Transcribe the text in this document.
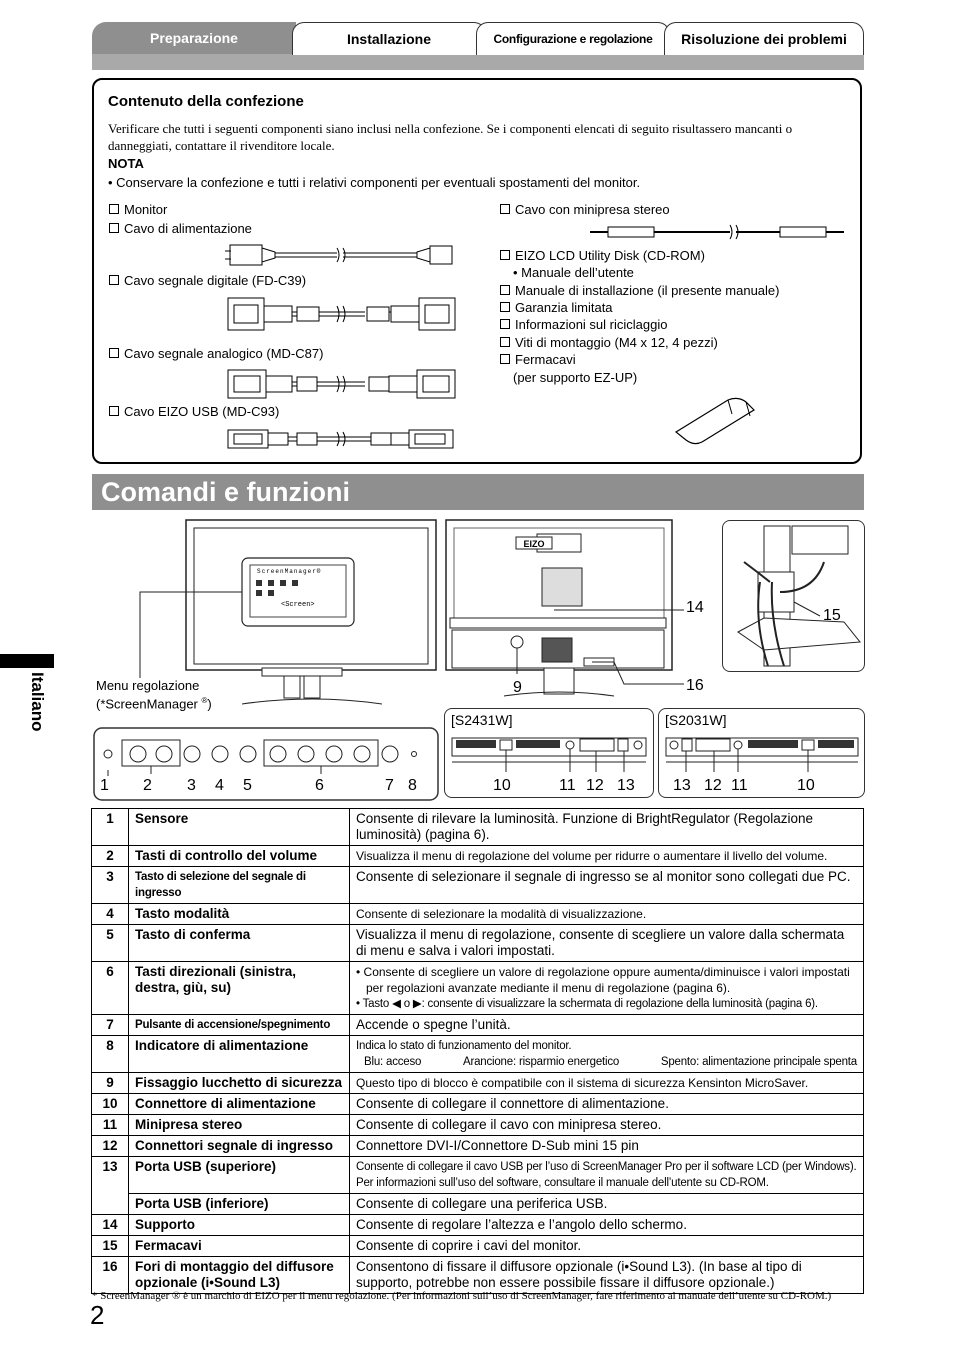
Preparazione	Installazione	Configurazione e regolazione	Risoluzione dei problemi
Contenuto della confezione
Verificare che tutti i seguenti componenti siano inclusi nella confezione. Se i componenti elencati di seguito risultassero mancanti o danneggiati, contattare il rivenditore locale.
NOTA
• Conservare la confezione e tutti i relativi componenti per eventuali spostamenti del monitor.
Monitor
Cavo di alimentazione
Cavo segnale digitale (FD-C39)
Cavo segnale analogico (MD-C87)
Cavo EIZO USB (MD-C93)
Cavo con minipresa stereo
EIZO LCD Utility Disk (CD-ROM)
• Manuale dell’utente
Manuale di installazione (il presente manuale)
Garanzia limitata
Informazioni sul riciclaggio
Viti di montaggio (M4 x 12, 4 pezzi)
Fermacavi
(per supporto EZ-UP)
Comandi e funzioni
Italiano
ScreenManager®
<Screen>
Menu regolazione
(*ScreenManager ®)
1 2 3 4 5	6	7 8
EIZO
14
9	16
15
[S2431W]
10	11 12 13
[S2031W]
13 12 11	10
1	Sensore	Consente di rilevare la luminosità. Funzione di BrightRegulator (Regolazione luminosità) (pagina 6).
2	Tasti di controllo del volume	Visualizza il menu di regolazione del volume per ridurre o aumentare il livello del volume.
3	Tasto di selezione del segnale di ingresso	Consente di selezionare il segnale di ingresso se al monitor sono collegati due PC.
4	Tasto modalità	Consente di selezionare la modalità di visualizzazione.
5	Tasto di conferma	Visualizza il menu di regolazione, consente di scegliere un valore dalla schermata di menu e salva i valori impostati.
6	Tasti direzionali (sinistra, destra, giù, su)	• Consente di scegliere un valore di regolazione oppure aumenta/diminuisce i valori impostati per regolazioni avanzate mediante il menu di regolazione (pagina 6).
• Tasto ◀ o ▶: consente di visualizzare la schermata di regolazione della luminosità (pagina 6).

7	Pulsante di accensione/spegnimento	Accende o spegne l’unità.
8	Indicatore di alimentazione	Indica lo stato di funzionamento del monitor.
Blu: acceso Arancione: risparmio energetico Spento: alimentazione principale spenta

9	Fissaggio lucchetto di sicurezza	Questo tipo di blocco è compatibile con il sistema di sicurezza Kensinton MicroSaver.
10	Connettore di alimentazione	Consente di collegare il connettore di alimentazione.
11	Minipresa stereo	Consente di collegare il cavo con minipresa stereo.
12	Connettori segnale di ingresso	Connettore DVI-I/Connettore D-Sub mini 15 pin
13	Porta USB (superiore)	Consente di collegare il cavo USB per l’uso di ScreenManager Pro per il software LCD (per Windows). Per informazioni sull’uso del software, consultare il manuale dell’utente su CD-ROM.
	Porta USB (inferiore)	Consente di collegare una periferica USB.
14	Supporto	Consente di regolare l’altezza e l’angolo dello schermo.
15	Fermacavi	Consente di coprire i cavi del monitor.
16	Fori di montaggio del diffusore opzionale (i•Sound L3)	Consentono di fissare il diffusore opzionale (i•Sound L3). (In base al tipo di supporto, potrebbe non essere possibile fissare il diffusore opzionale.)
* ScreenManager ® è un marchio di EIZO per il menu regolazione. (Per informazioni sull’uso di ScreenManager, fare riferimento al manuale dell’utente su CD-ROM.)
2
